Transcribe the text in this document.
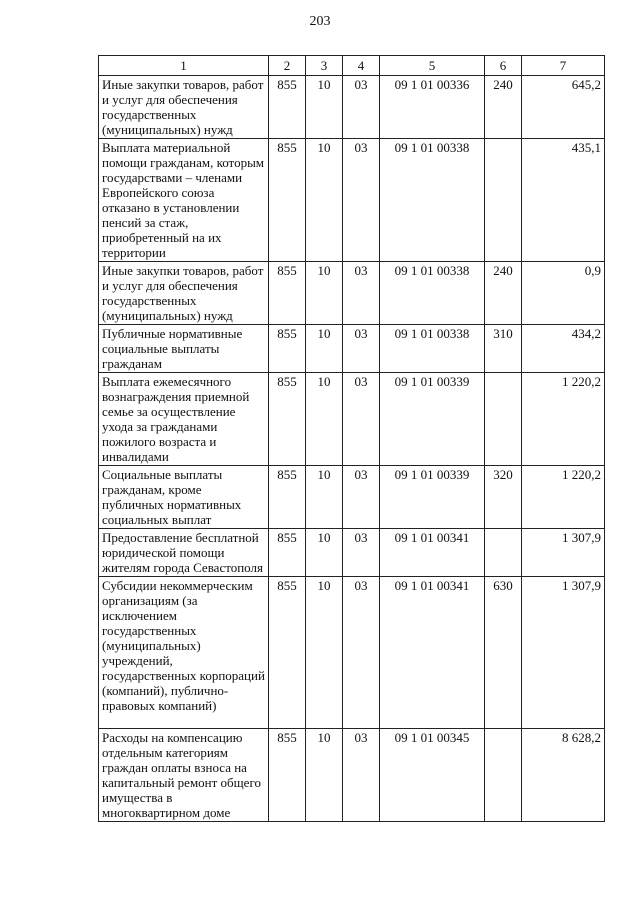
203
1	2	3	4	5	6	7
Иные закупки товаров, работ и услуг для обеспечения государственных (муниципальных) нужд	855	10	03	09 1 01 00336	240	645,2
Выплата материальной помощи гражданам, которым государствами – членами Европейского союза отказано в установлении пенсий за стаж, приобретенный на их территории	855	10	03	09 1 01 00338		435,1
Иные закупки товаров, работ и услуг для обеспечения государственных (муниципальных) нужд	855	10	03	09 1 01 00338	240	0,9
Публичные нормативные социальные выплаты гражданам	855	10	03	09 1 01 00338	310	434,2
Выплата ежемесячного вознаграждения приемной семье за осуществление ухода за гражданами пожилого возраста и инвалидами	855	10	03	09 1 01 00339		1 220,2
Социальные выплаты гражданам, кроме публичных нормативных социальных выплат	855	10	03	09 1 01 00339	320	1 220,2
Предоставление бесплатной юридической помощи жителям города Севастополя	855	10	03	09 1 01 00341		1 307,9
Субсидии некоммерческим организациям (за исключением государственных (муниципальных) учреждений, государственных корпораций (компаний), публично-правовых компаний)	855	10	03	09 1 01 00341	630	1 307,9
Расходы на компенсацию отдельным категориям граждан оплаты взноса на капитальный ремонт общего имущества в многоквартирном доме	855	10	03	09 1 01 00345		8 628,2
